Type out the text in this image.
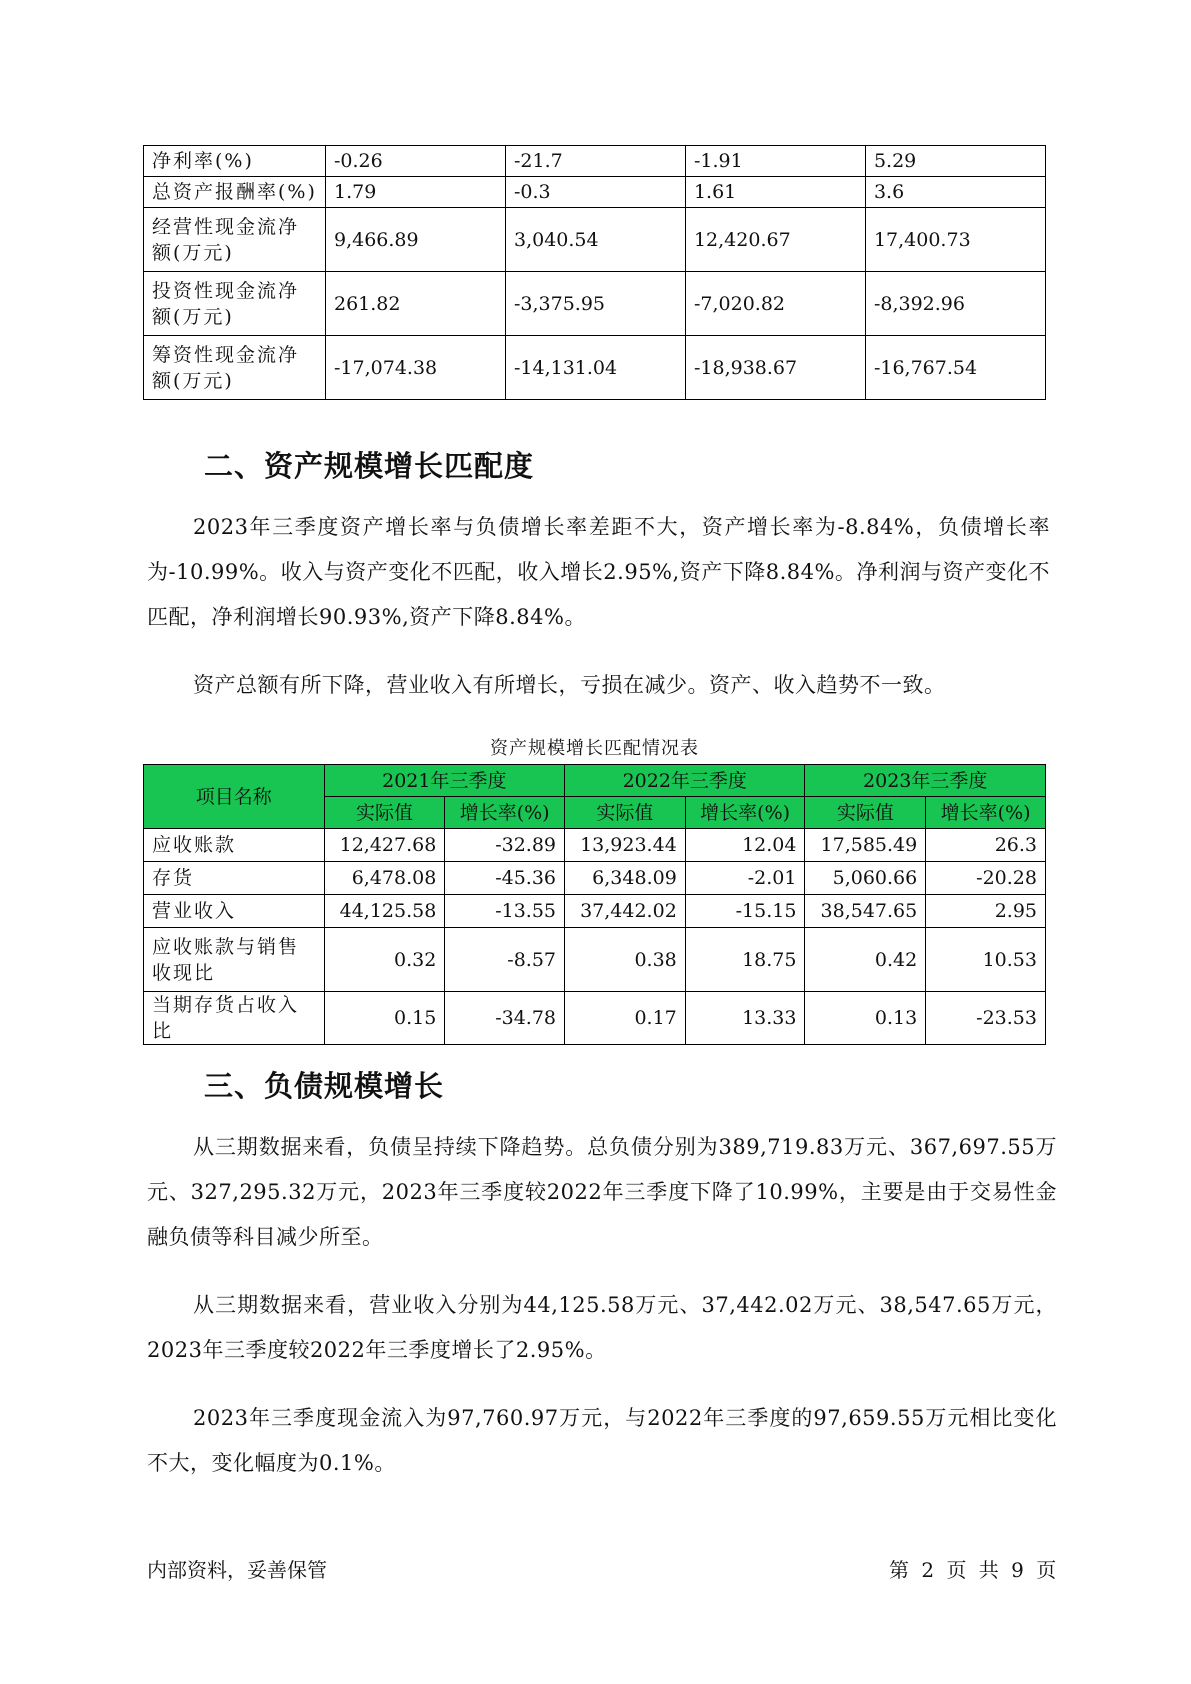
净利率(%)	-0.26	-21.7	-1.91	5.29
总资产报酬率(%)	1.79	-0.3	1.61	3.6
经营性现金流净额(万元)	9,466.89	3,040.54	12,420.67	17,400.73
投资性现金流净额(万元)	261.82	-3,375.95	-7,020.82	-8,392.96
筹资性现金流净额(万元)	-17,074.38	-14,131.04	-18,938.67	-16,767.54
二、资产规模增长匹配度

2023年三季度资产增长率与负债增长率差距不大，资产增长率为-8.84%，负债增长率为-10.99%。收入与资产变化不匹配，收入增长2.95%,资产下降8.84%。净利润与资产变化不匹配，净利润增长90.93%,资产下降8.84%。

资产总额有所下降，营业收入有所增长，亏损在减少。资产、收入趋势不一致。

资产规模增长匹配情况表
项目名称	2021年三季度		2022年三季度		2023年三季度	
	实际值	增长率(%)	实际值	增长率(%)	实际值	增长率(%)
应收账款	12,427.68	-32.89	13,923.44	12.04	17,585.49	26.3
存货	6,478.08	-45.36	6,348.09	-2.01	5,060.66	-20.28
营业收入	44,125.58	-13.55	37,442.02	-15.15	38,547.65	2.95
应收账款与销售收现比	0.32	-8.57	0.38	18.75	0.42	10.53
当期存货占收入比	0.15	-34.78	0.17	13.33	0.13	-23.53
三、负债规模增长

从三期数据来看，负债呈持续下降趋势。总负债分别为389,719.83万元、367,697.55万元、327,295.32万元，2023年三季度较2022年三季度下降了10.99%，主要是由于交易性金融负债等科目减少所至。

从三期数据来看，营业收入分别为44,125.58万元、37,442.02万元、38,547.65万元，2023年三季度较2022年三季度增长了2.95%。

2023年三季度现金流入为97,760.97万元，与2022年三季度的97,659.55万元相比变化不大，变化幅度为0.1%。

内部资料，妥善保管	第 2 页 共 9 页
